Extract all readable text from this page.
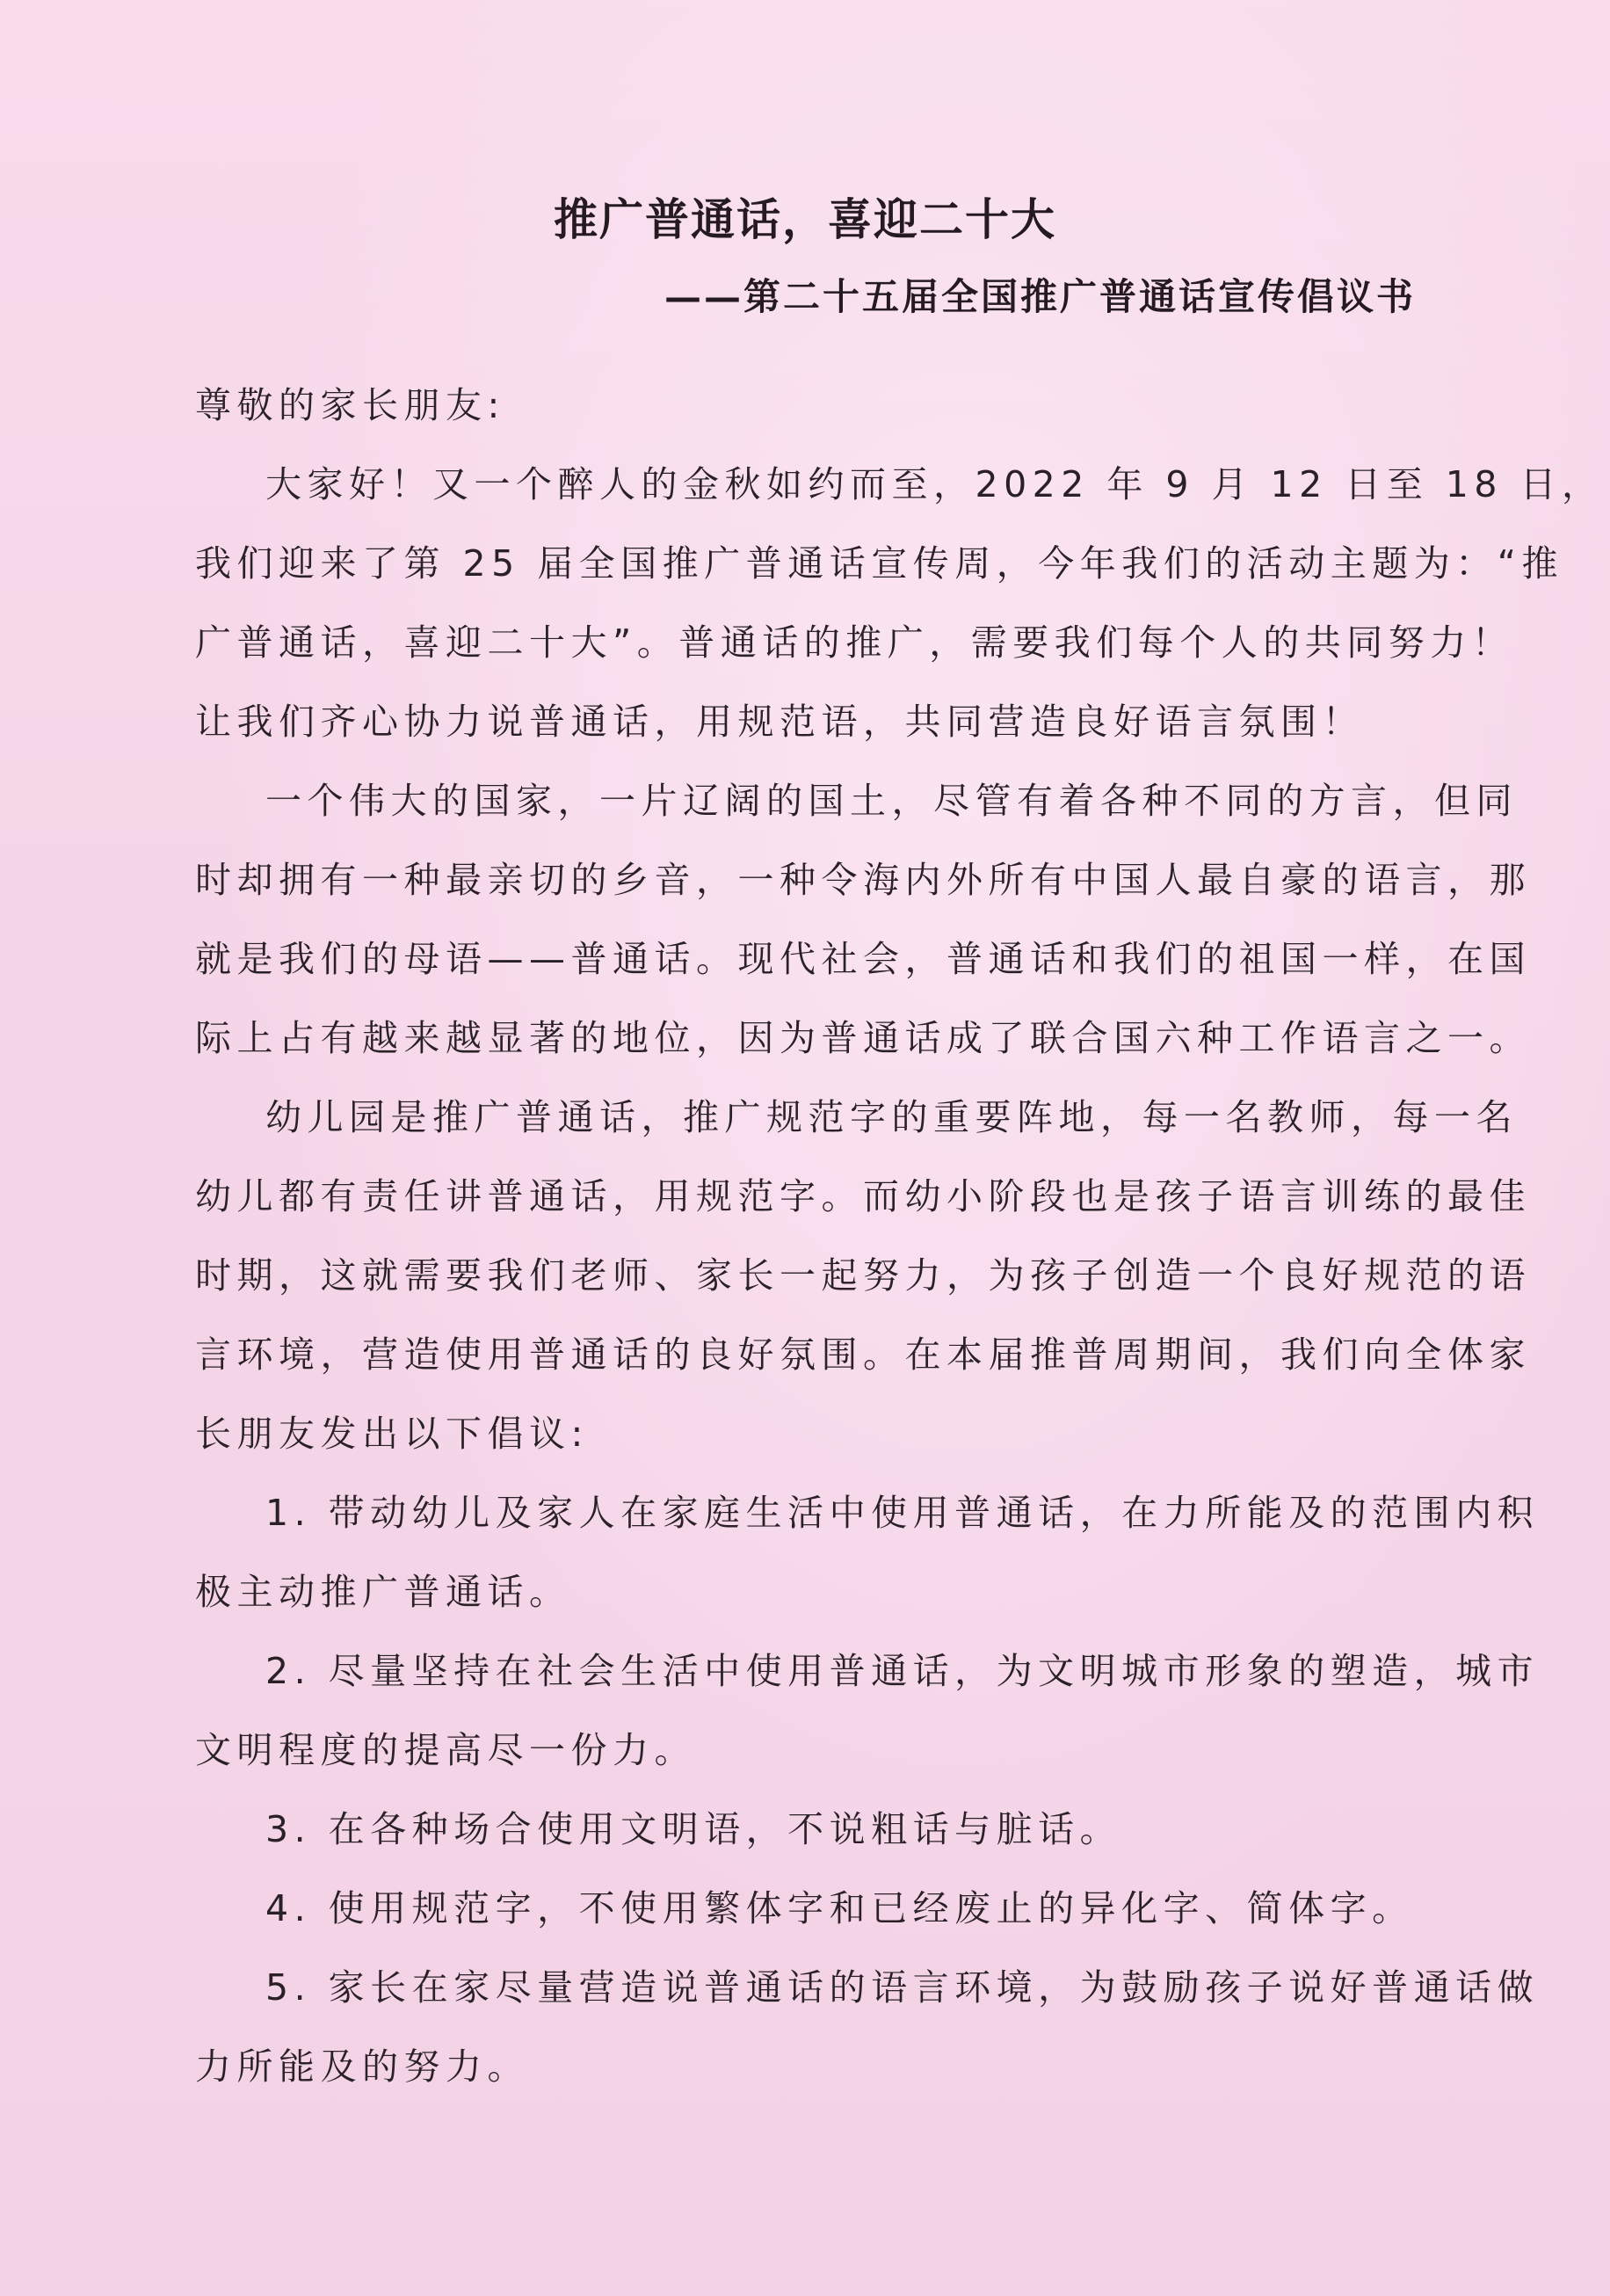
推广普通话，喜迎二十大
——第二十五届全国推广普通话宣传倡议书
尊敬的家长朋友:
大家好！又一个醉人的金秋如约而至，2022 年 9 月 12 日至 18 日，
我们迎来了第 25 届全国推广普通话宣传周，今年我们的活动主题为：“推
广普通话，喜迎二十大”。普通话的推广，需要我们每个人的共同努力！
让我们齐心协力说普通话，用规范语，共同营造良好语言氛围！
一个伟大的国家，一片辽阔的国土，尽管有着各种不同的方言，但同
时却拥有一种最亲切的乡音，一种令海内外所有中国人最自豪的语言，那
就是我们的母语——普通话。现代社会，普通话和我们的祖国一样，在国
际上占有越来越显著的地位，因为普通话成了联合国六种工作语言之一。
幼儿园是推广普通话，推广规范字的重要阵地，每一名教师，每一名
幼儿都有责任讲普通话，用规范字。而幼小阶段也是孩子语言训练的最佳
时期，这就需要我们老师、家长一起努力，为孩子创造一个良好规范的语
言环境，营造使用普通话的良好氛围。在本届推普周期间，我们向全体家
长朋友发出以下倡议:
1. 带动幼儿及家人在家庭生活中使用普通话，在力所能及的范围内积
极主动推广普通话。
2. 尽量坚持在社会生活中使用普通话，为文明城市形象的塑造，城市
文明程度的提高尽一份力。
3. 在各种场合使用文明语，不说粗话与脏话。
4. 使用规范字，不使用繁体字和已经废止的异化字、简体字。
5. 家长在家尽量营造说普通话的语言环境，为鼓励孩子说好普通话做
力所能及的努力。
